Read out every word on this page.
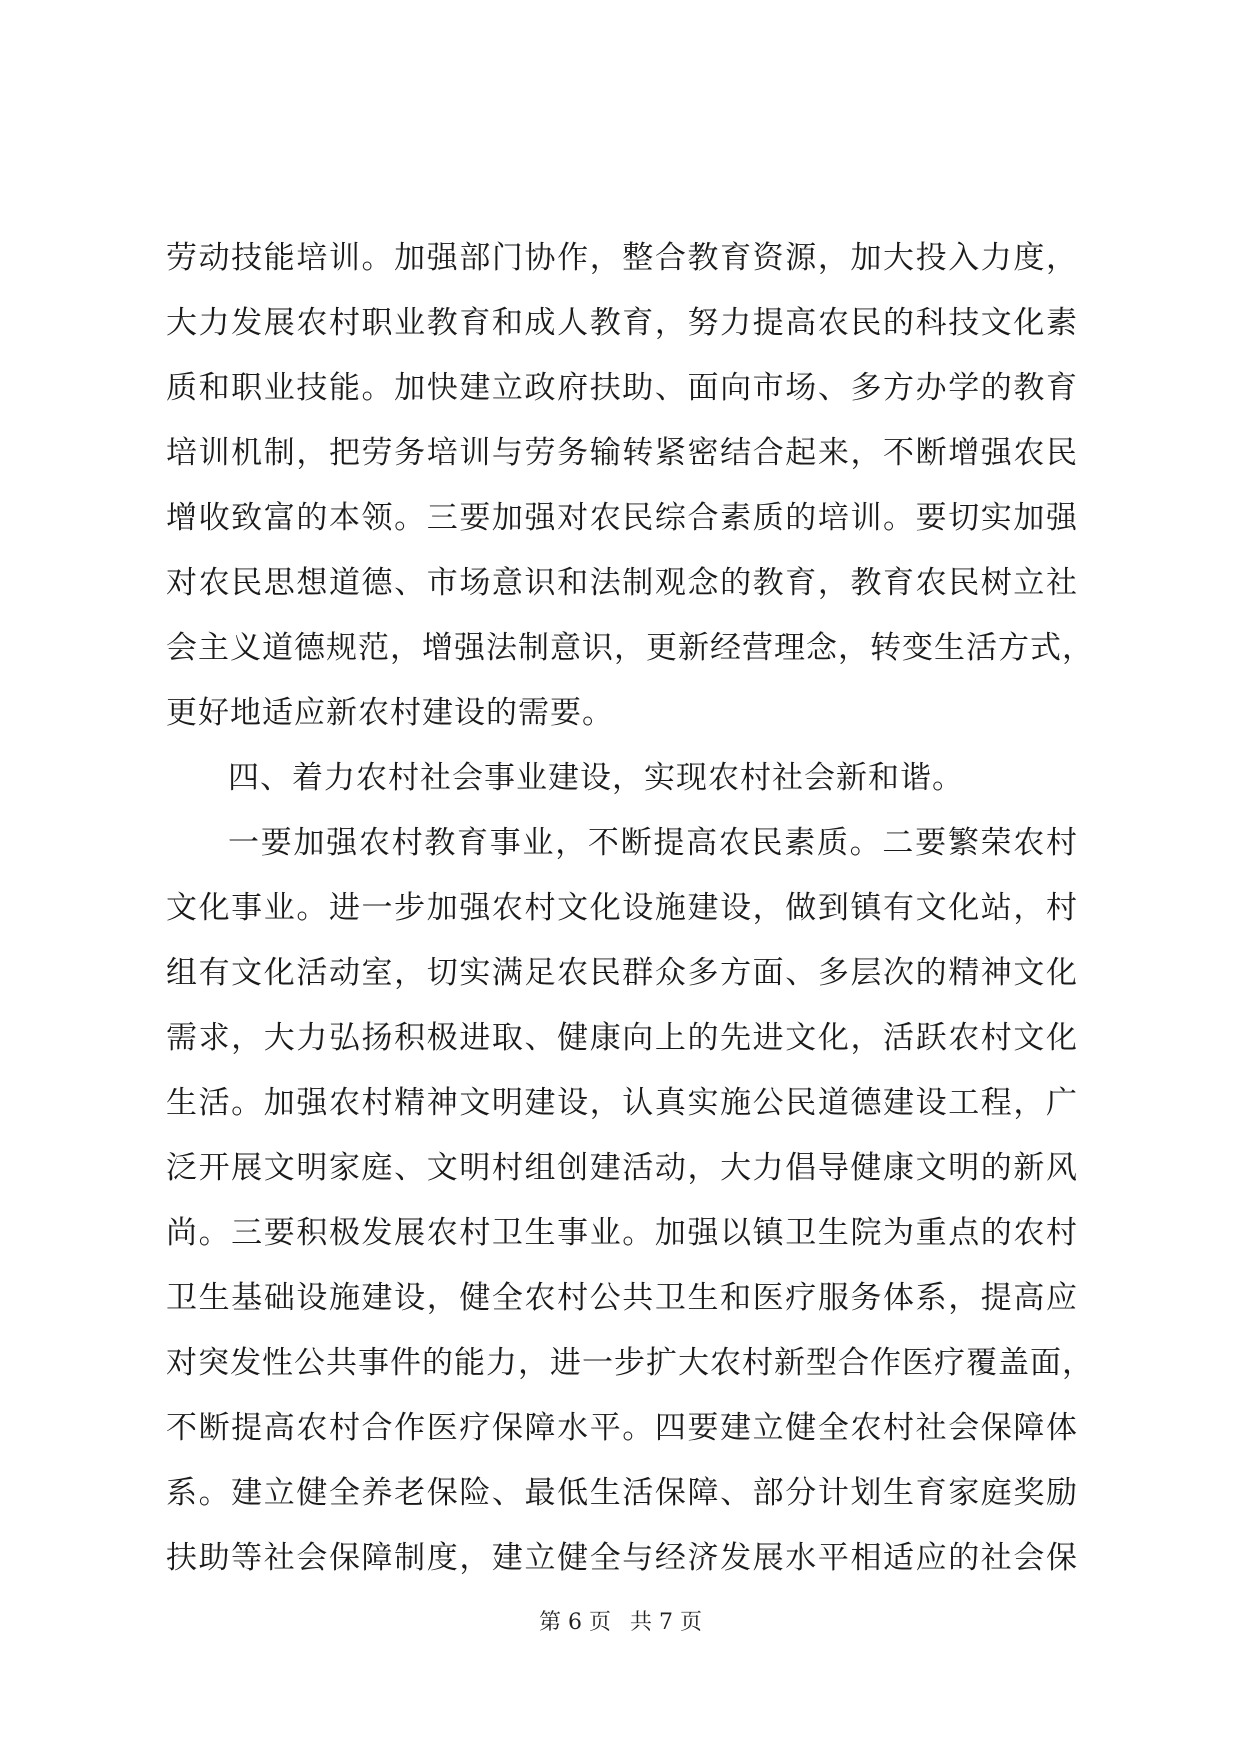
劳动技能培训。加强部门协作，整合教育资源，加大投入力度，
大力发展农村职业教育和成人教育，努力提高农民的科技文化素
质和职业技能。加快建立政府扶助、面向市场、多方办学的教育
培训机制，把劳务培训与劳务输转紧密结合起来，不断增强农民
增收致富的本领。三要加强对农民综合素质的培训。要切实加强
对农民思想道德、市场意识和法制观念的教育，教育农民树立社
会主义道德规范，增强法制意识，更新经营理念，转变生活方式，
更好地适应新农村建设的需要。
四、着力农村社会事业建设，实现农村社会新和谐。
一要加强农村教育事业，不断提高农民素质。二要繁荣农村
文化事业。进一步加强农村文化设施建设，做到镇有文化站，村
组有文化活动室，切实满足农民群众多方面、多层次的精神文化
需求，大力弘扬积极进取、健康向上的先进文化，活跃农村文化
生活。加强农村精神文明建设，认真实施公民道德建设工程，广
泛开展文明家庭、文明村组创建活动，大力倡导健康文明的新风
尚。三要积极发展农村卫生事业。加强以镇卫生院为重点的农村
卫生基础设施建设，健全农村公共卫生和医疗服务体系，提高应
对突发性公共事件的能力，进一步扩大农村新型合作医疗覆盖面，
不断提高农村合作医疗保障水平。四要建立健全农村社会保障体
系。建立健全养老保险、最低生活保障、部分计划生育家庭奖励
扶助等社会保障制度，建立健全与经济发展水平相适应的社会保
第 6 页 共 7 页
